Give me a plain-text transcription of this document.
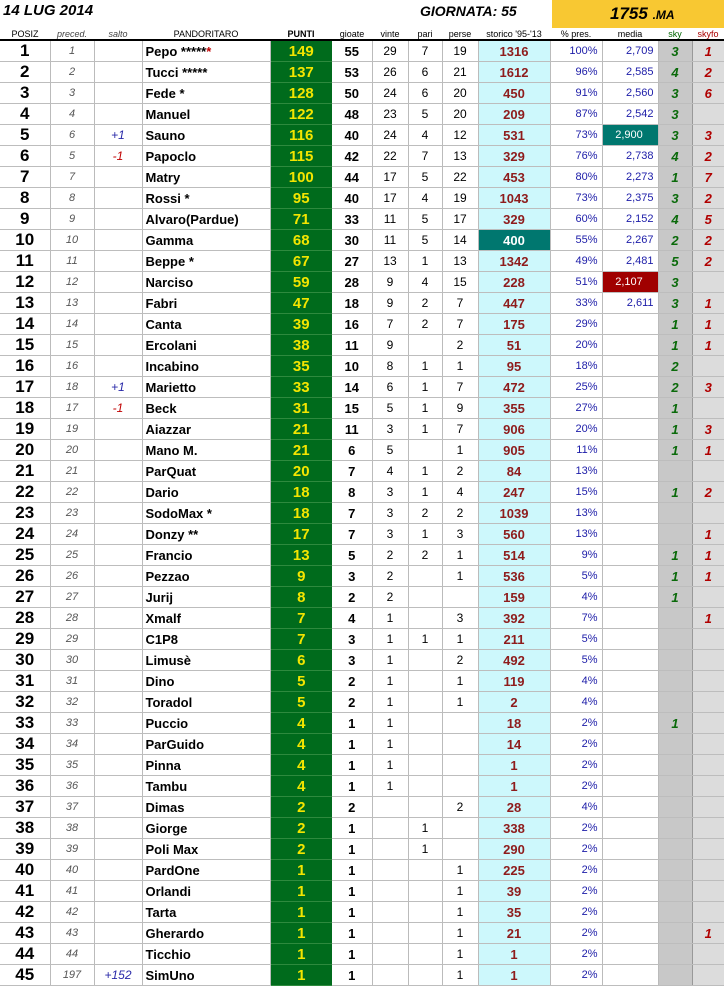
14 LUG 2014	GIORNATA: 55	1755 .MA
POSIZ	preced.	salto	PANDORITARO	PUNTI	gioate	vinte	pari	perse	storico '95-'13	% pres.	media	sky	skyfo
1	1		Pepo ******	149	55	29	7	19	1316	100%	2,709	3	1
2	2		Tucci *****	137	53	26	6	21	1612	96%	2,585	4	2
3	3		Fede *	128	50	24	6	20	450	91%	2,560	3	6
4	4		Manuel	122	48	23	5	20	209	87%	2,542	3	
5	6	+1	Sauno	116	40	24	4	12	531	73%	2,900	3	3
6	5	-1	Papoclo	115	42	22	7	13	329	76%	2,738	4	2
7	7		Matry	100	44	17	5	22	453	80%	2,273	1	7
8	8		Rossi *	95	40	17	4	19	1043	73%	2,375	3	2
9	9		Alvaro(Pardue)	71	33	11	5	17	329	60%	2,152	4	5
10	10		Gamma	68	30	11	5	14	400	55%	2,267	2	2
11	11		Beppe *	67	27	13	1	13	1342	49%	2,481	5	2
12	12		Narciso	59	28	9	4	15	228	51%	2,107	3	
13	13		Fabri	47	18	9	2	7	447	33%	2,611	3	1
14	14		Canta	39	16	7	2	7	175	29%		1	1
15	15		Ercolani	38	11	9		2	51	20%		1	1
16	16		Incabino	35	10	8	1	1	95	18%		2	
17	18	+1	Marietto	33	14	6	1	7	472	25%		2	3
18	17	-1	Beck	31	15	5	1	9	355	27%		1	
19	19		Aiazzar	21	11	3	1	7	906	20%		1	3
20	20		Mano M.	21	6	5		1	905	11%		1	1
21	21		ParQuat	20	7	4	1	2	84	13%			
22	22		Dario	18	8	3	1	4	247	15%		1	2
23	23		SodoMax *	18	7	3	2	2	1039	13%			
24	24		Donzy **	17	7	3	1	3	560	13%			1
25	25		Francio	13	5	2	2	1	514	9%		1	1
26	26		Pezzao	9	3	2		1	536	5%		1	1
27	27		Jurij	8	2	2			159	4%		1	
28	28		Xmalf	7	4	1		3	392	7%			1
29	29		C1P8	7	3	1	1	1	211	5%			
30	30		Limusè	6	3	1		2	492	5%			
31	31		Dino	5	2	1		1	119	4%			
32	32		Toradol	5	2	1		1	2	4%			
33	33		Puccio	4	1	1			18	2%		1	
34	34		ParGuido	4	1	1			14	2%			
35	35		Pinna	4	1	1			1	2%			
36	36		Tambu	4	1	1			1	2%			
37	37		Dimas	2	2			2	28	4%			
38	38		Giorge	2	1		1		338	2%			
39	39		Poli Max	2	1		1		290	2%			
40	40		PardOne	1	1			1	225	2%			
41	41		Orlandi	1	1			1	39	2%			
42	42		Tarta	1	1			1	35	2%			
43	43		Gherardo	1	1			1	21	2%			1
44	44		Ticchio	1	1			1	1	2%			
45	197	+152	SimUno	1	1			1	1	2%			
